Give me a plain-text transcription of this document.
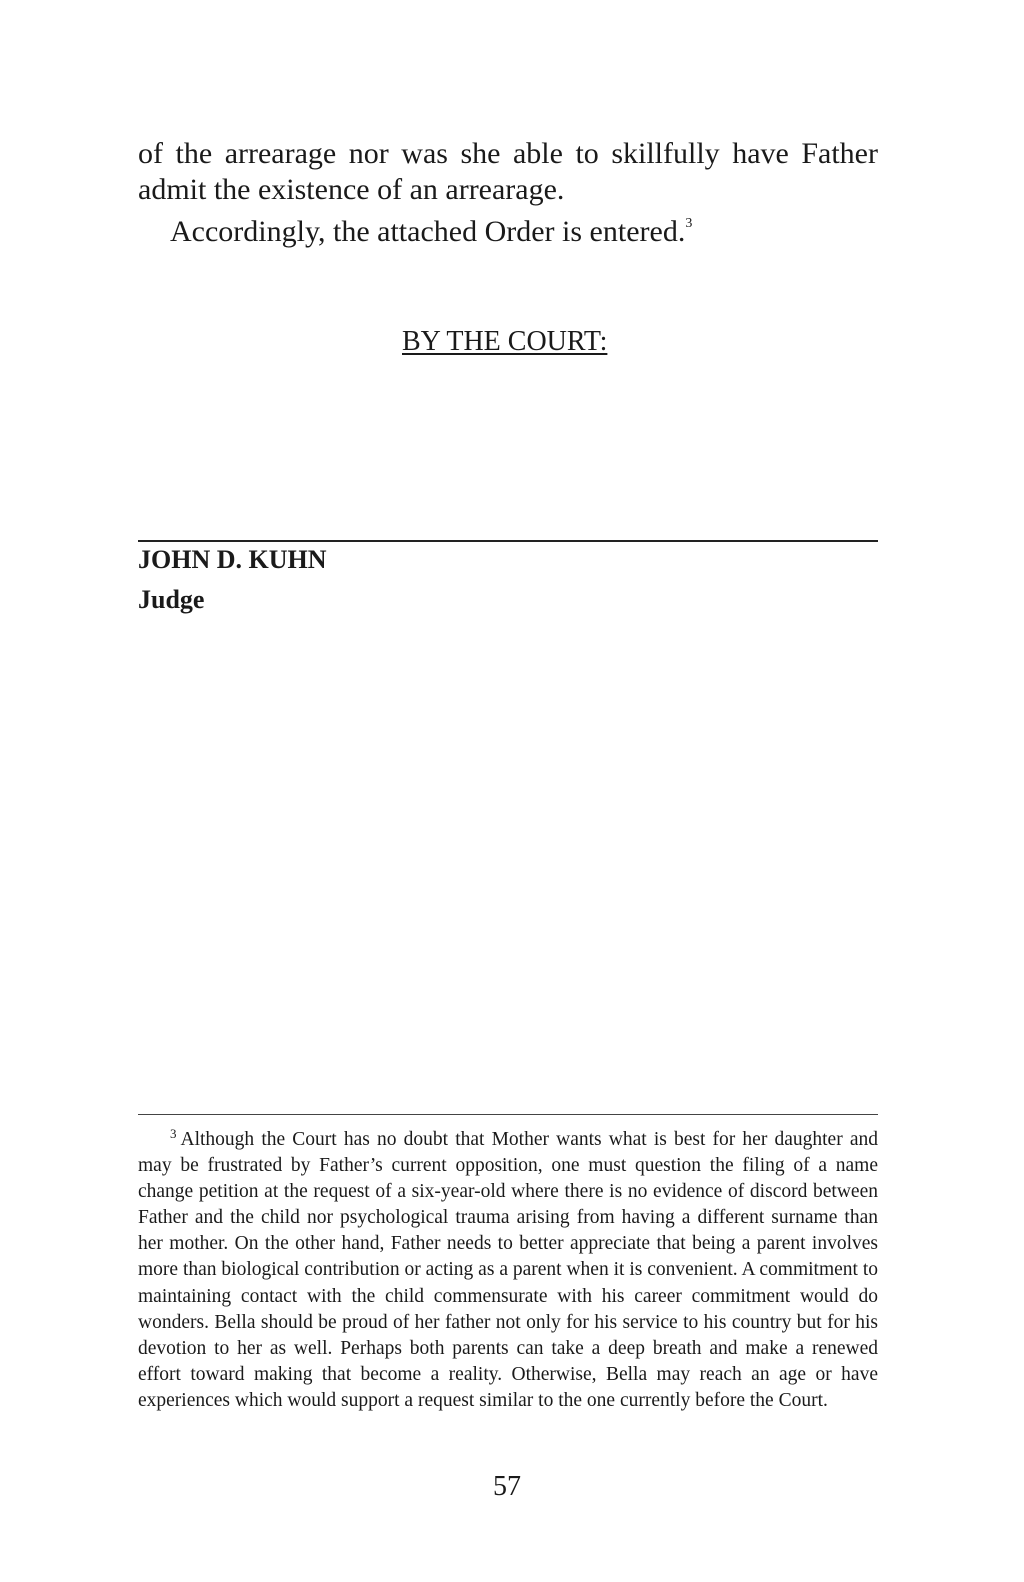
of the arrearage nor was she able to skillfully have Father
admit the existence of an arrearage.

Accordingly, the attached Order is entered.$^3$

BY THE COURT:

JOHN D. KUHN

Judge

$^3$ Although the Court has no doubt that Mother wants what is best for her daughter and may be frustrated by Father’s current opposition, one must question the filing of a name change petition at the request of a six-year-old where there is no evidence of discord between Father and the child nor psychological trauma arising from having a different surname than her mother. On the other hand, Father needs to better appreciate that being a parent involves more than biological contribution or acting as a parent when it is convenient. A commitment to maintaining contact with the child commensurate with his career commitment would do wonders. Bella should be proud of her father not only for his service to his country but for his devotion to her as well. Perhaps both parents can take a deep breath and make a renewed effort toward making that become a reality. Otherwise, Bella may reach an age or have experiences which would support a request similar to the one currently before the Court.

57
